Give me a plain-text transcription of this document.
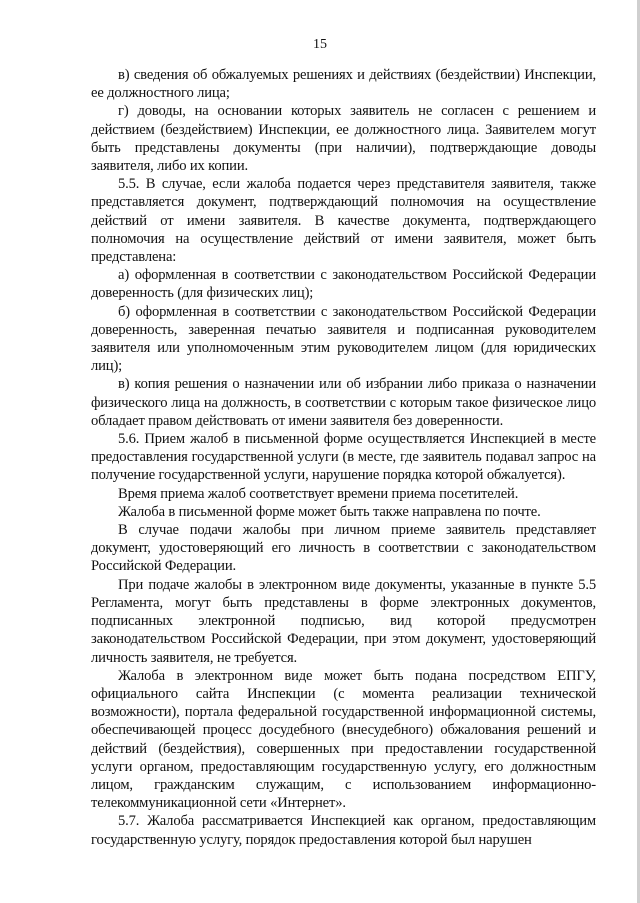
15

в) сведения об обжалуемых решениях и действиях (бездействии) Инспекции, ее должностного лица;

г) доводы, на основании которых заявитель не согласен с решением и действием (бездействием) Инспекции, ее должностного лица. Заявителем могут быть представлены документы (при наличии), подтверждающие доводы заявителя, либо их копии.

5.5. В случае, если жалоба подается через представителя заявителя, также представляется документ, подтверждающий полномочия на осуществление действий от имени заявителя. В качестве документа, подтверждающего полномочия на осуществление действий от имени заявителя, может быть представлена:

а) оформленная в соответствии с законодательством Российской Федерации доверенность (для физических лиц);

б) оформленная в соответствии с законодательством Российской Федерации доверенность, заверенная печатью заявителя и подписанная руководителем заявителя или уполномоченным этим руководителем лицом (для юридических лиц);

в) копия решения о назначении или об избрании либо приказа о назначении физического лица на должность, в соответствии с которым такое физическое лицо обладает правом действовать от имени заявителя без доверенности.

5.6. Прием жалоб в письменной форме осуществляется Инспекцией в месте предоставления государственной услуги (в месте, где заявитель подавал запрос на получение государственной услуги, нарушение порядка которой обжалуется).

Время приема жалоб соответствует времени приема посетителей.

Жалоба в письменной форме может быть также направлена по почте.

В случае подачи жалобы при личном приеме заявитель представляет документ, удостоверяющий его личность в соответствии с законодательством Российской Федерации.

При подаче жалобы в электронном виде документы, указанные в пункте 5.5 Регламента, могут быть представлены в форме электронных документов, подписанных электронной подписью, вид которой предусмотрен законодательством Российской Федерации, при этом документ, удостоверяющий личность заявителя, не требуется.

Жалоба в электронном виде может быть подана посредством ЕПГУ, официального сайта Инспекции (с момента реализации технической возможности), портала федеральной государственной информационной системы, обеспечивающей процесс досудебного (внесудебного) обжалования решений и действий (бездействия), совершенных при предоставлении государственной услуги органом, предоставляющим государственную услугу, его должностным лицом, гражданским служащим, с использованием информационно-телекоммуникационной сети «Интернет».

5.7. Жалоба рассматривается Инспекцией как органом, предоставляющим государственную услугу, порядок предоставления которой был нарушен
